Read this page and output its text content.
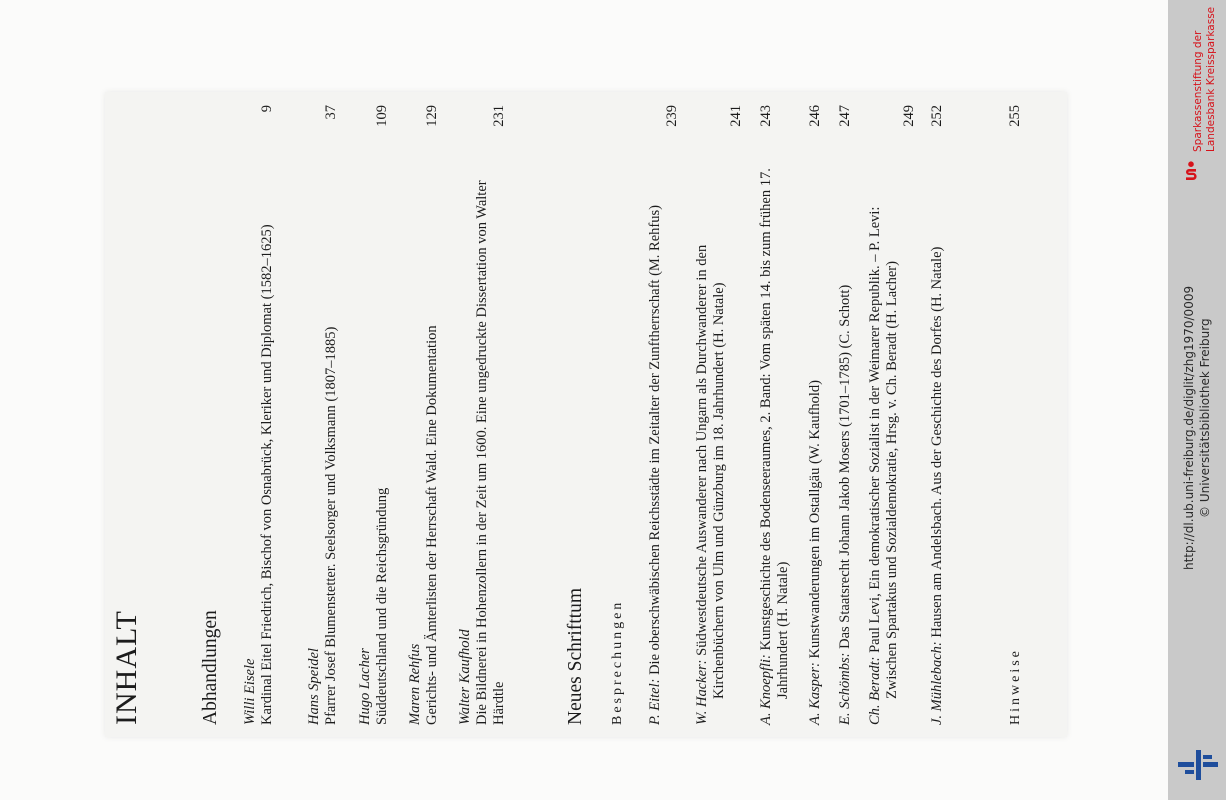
INHALT	Abhandlungen Willi Eisele Kardinal Eitel Friedrich, Bischof von Osnabrück, Kleriker und Diplomat (1582–1625)
9
Hans Speidel Pfarrer Josef Blumenstetter. Seelsorger und Volksmann (1807–1885)
37
Hugo Lacher Süddeutschland und die Reichsgründung
109
Maren Rehfus Gerichts- und Ämterlisten der Herrschaft Wald. Eine Dokumentation
129
Walter Kaufhold Die Bildnerei in Hohenzollern in der Zeit um 1600. Eine ungedruckte Dissertation von Walter Härdtle
231
Neues Schrifttum Besprechungen P. Eitel: Die oberschwäbischen Reichsstädte im Zeitalter der Zunftherrschaft (M. Rehfus)
239
W. Hacker: Südwestdeutsche Auswanderer nach Ungarn als Durchwanderer in den Kirchenbüchern von Ulm und Günzburg im 18. Jahrhundert (H. Natale)
241
A. Knoepfli: Kunstgeschichte des Bodenseeraumes, 2. Band: Vom späten 14. bis zum frühen 17. Jahrhundert (H. Natale)
243
A. Kasper: Kunstwanderungen im Ostallgäu (W. Kaufhold)
246
E. Schömbs: Das Staatsrecht Johann Jakob Mosers (1701–1785) (C. Schott)
247
Ch. Beradt: Paul Levi, Ein demokratischer Sozialist in der Weimarer Republik. – P. Levi: Zwischen Spartakus und Sozialdemokratie, Hrsg. v. Ch. Beradt (H. Lacher)
249
J. Mühlebach: Hausen am Andelsbach. Aus der Geschichte des Dorfes (H. Natale)
252
Hinweise
255	Sparkassenstiftung der Landesbank Kreissparkasse
http://dl.ub.uni-freiburg.de/diglit/zhg1970/0009 © Universitätsbibliothek Freiburg
